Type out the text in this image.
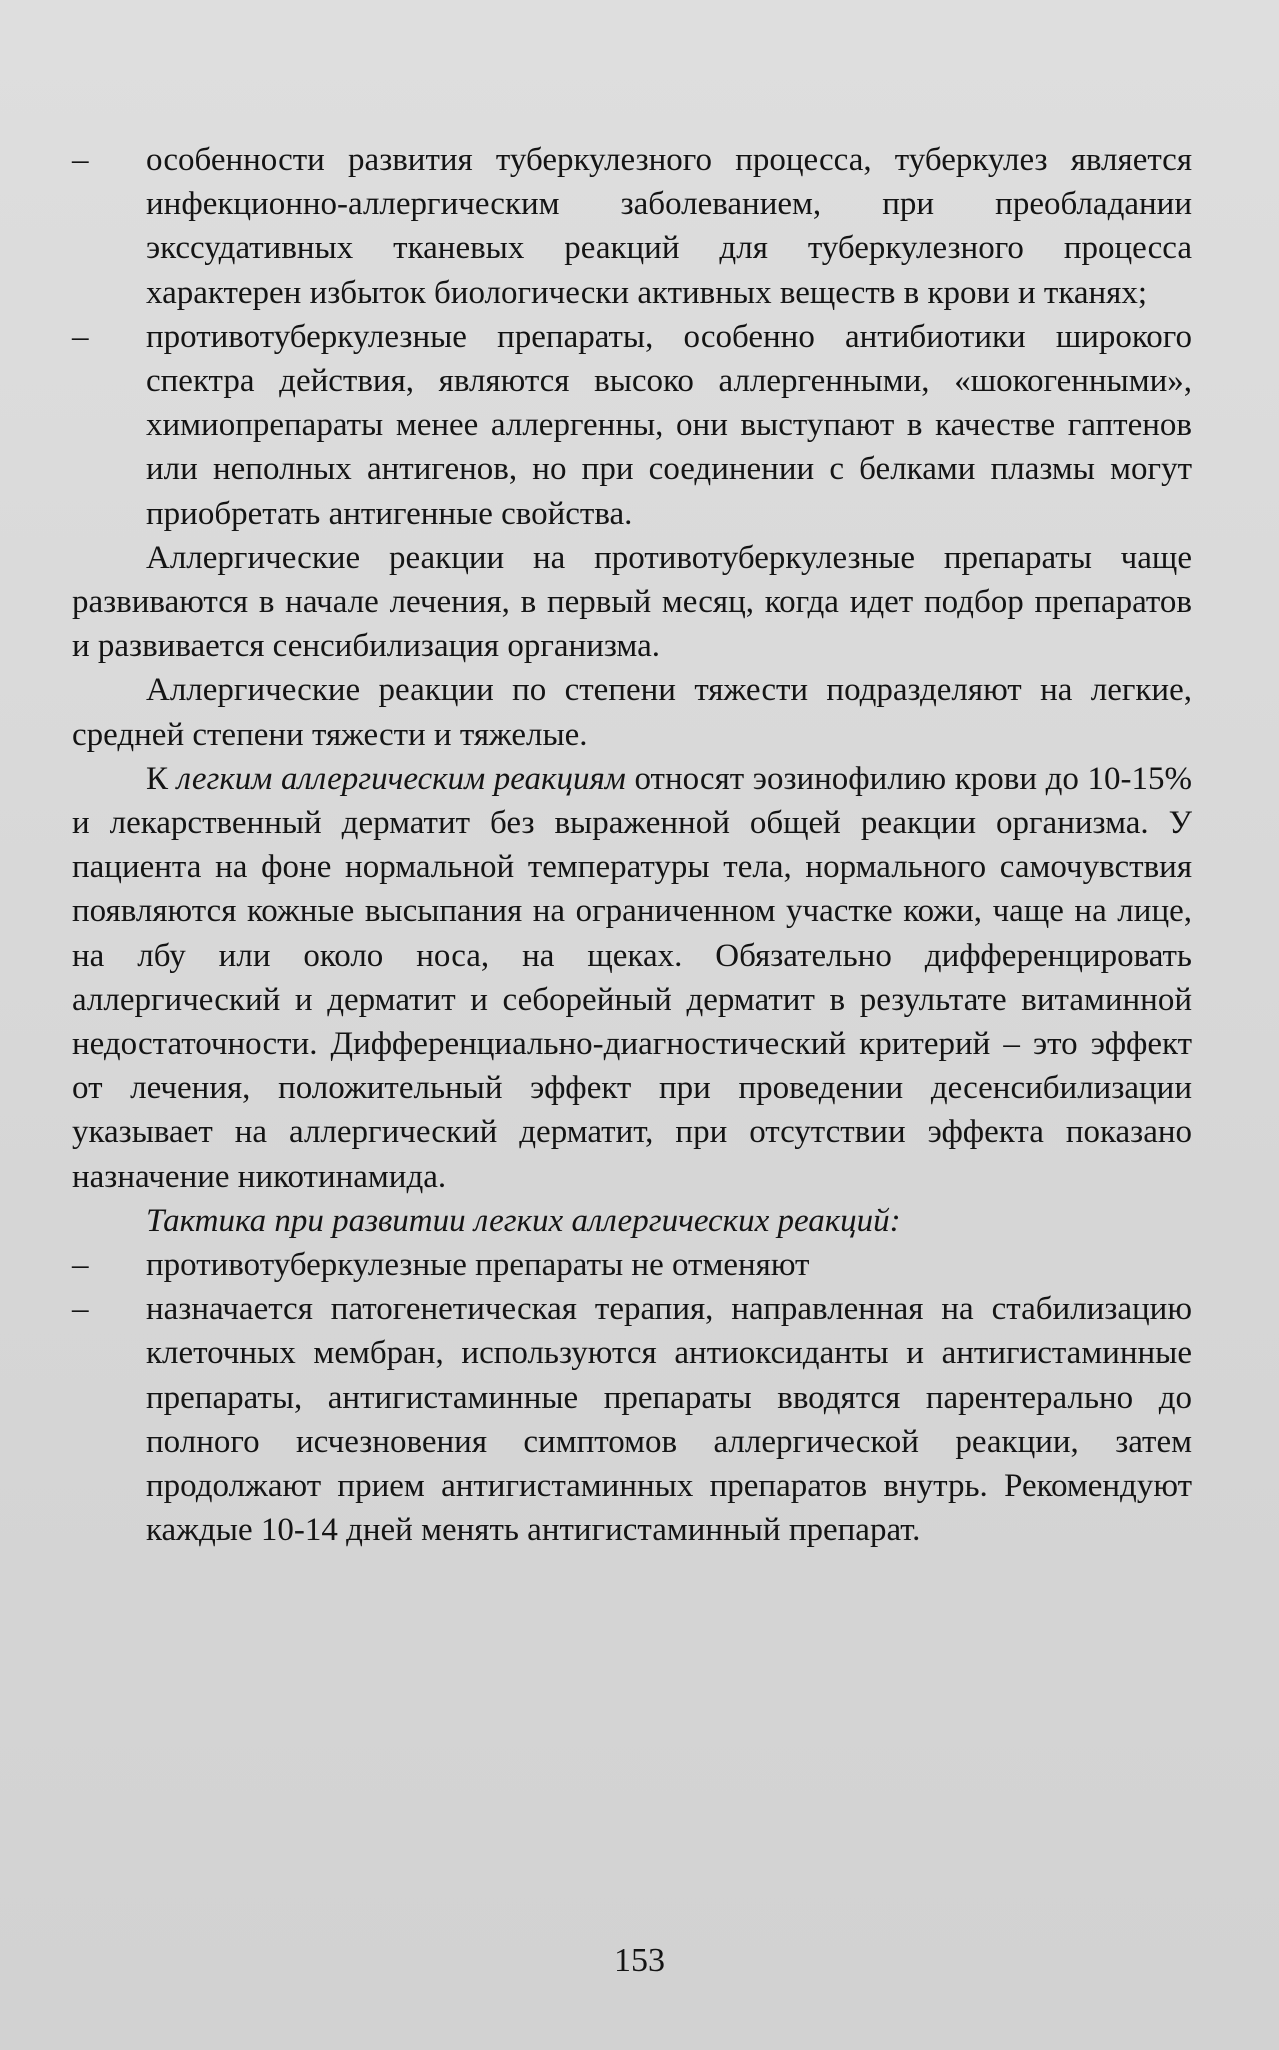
–	особенности развития туберкулезного процесса, туберкулез является инфекционно-аллергическим заболеванием, при преобладании экссудативных тканевых реакций для туберкулезного процесса характерен избыток биологически активных веществ в крови и тканях;

–	противотуберкулезные препараты, особенно антибиотики широкого спектра действия, являются высоко аллергенными, «шокогенными», химиопрепараты менее аллергенны, они выступают в качестве гаптенов или неполных антигенов, но при соединении с белками плазмы могут приобретать антигенные свойства.

Аллергические реакции на противотуберкулезные препараты чаще развиваются в начале лечения, в первый месяц, когда идет подбор препаратов и развивается сенсибилизация организма.

Аллергические реакции по степени тяжести подразделяют на легкие, средней степени тяжести и тяжелые.

К легким аллергическим реакциям относят эозинофилию крови до 10-15% и лекарственный дерматит без выраженной общей реакции организма. У пациента на фоне нормальной температуры тела, нормального самочувствия появляются кожные высыпания на ограниченном участке кожи, чаще на лице, на лбу или около носа, на щеках. Обязательно дифференцировать аллергический и дерматит и себорейный дерматит в результате витаминной недостаточности. Дифференциально-диагностический критерий – это эффект от лечения, положительный эффект при проведении десенсибилизации указывает на аллергический дерматит, при отсутствии эффекта показано назначение никотинамида.

Тактика при развитии легких аллергических реакций:

–	противотуберкулезные препараты не отменяют

–	назначается патогенетическая терапия, направленная на стабилизацию клеточных мембран, используются антиоксиданты и антигистаминные препараты, антигистаминные препараты вводятся парентерально до полного исчезновения симптомов аллергической реакции, затем продолжают прием антигистаминных препаратов внутрь. Рекомендуют каждые 10-14 дней менять антигистаминный препарат.

153
